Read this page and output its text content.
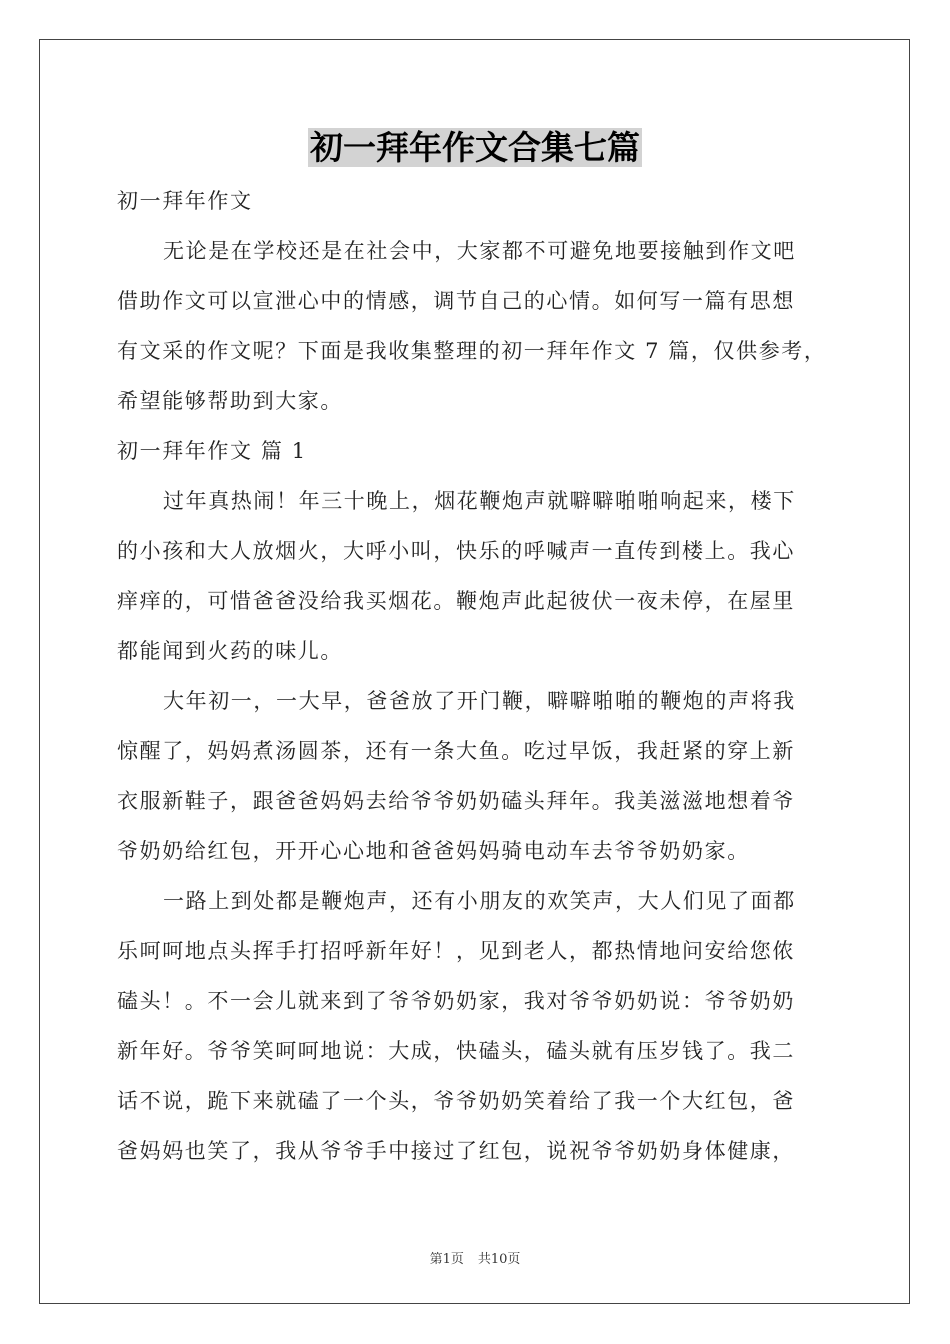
初一拜年作文合集七篇
初一拜年作文
无论是在学校还是在社会中，大家都不可避免地要接触到作文吧
借助作文可以宣泄心中的情感，调节自己的心情。如何写一篇有思想
有文采的作文呢？下面是我收集整理的初一拜年作文 7 篇，仅供参考，
希望能够帮助到大家。
初一拜年作文 篇 1
过年真热闹！年三十晚上，烟花鞭炮声就噼噼啪啪响起来，楼下
的小孩和大人放烟火，大呼小叫，快乐的呼喊声一直传到楼上。我心
痒痒的，可惜爸爸没给我买烟花。鞭炮声此起彼伏一夜未停，在屋里
都能闻到火药的味儿。
大年初一，一大早，爸爸放了开门鞭，噼噼啪啪的鞭炮的声将我
惊醒了，妈妈煮汤圆茶，还有一条大鱼。吃过早饭，我赶紧的穿上新
衣服新鞋子，跟爸爸妈妈去给爷爷奶奶磕头拜年。我美滋滋地想着爷
爷奶奶给红包，开开心心地和爸爸妈妈骑电动车去爷爷奶奶家。
一路上到处都是鞭炮声，还有小朋友的欢笑声，大人们见了面都
乐呵呵地点头挥手打招呼新年好！，见到老人，都热情地问安给您侬
磕头！。不一会儿就来到了爷爷奶奶家，我对爷爷奶奶说：爷爷奶奶
新年好。爷爷笑呵呵地说：大成，快磕头，磕头就有压岁钱了。我二
话不说，跪下来就磕了一个头，爷爷奶奶笑着给了我一个大红包，爸
爸妈妈也笑了，我从爷爷手中接过了红包，说祝爷爷奶奶身体健康，
第1页 共10页
